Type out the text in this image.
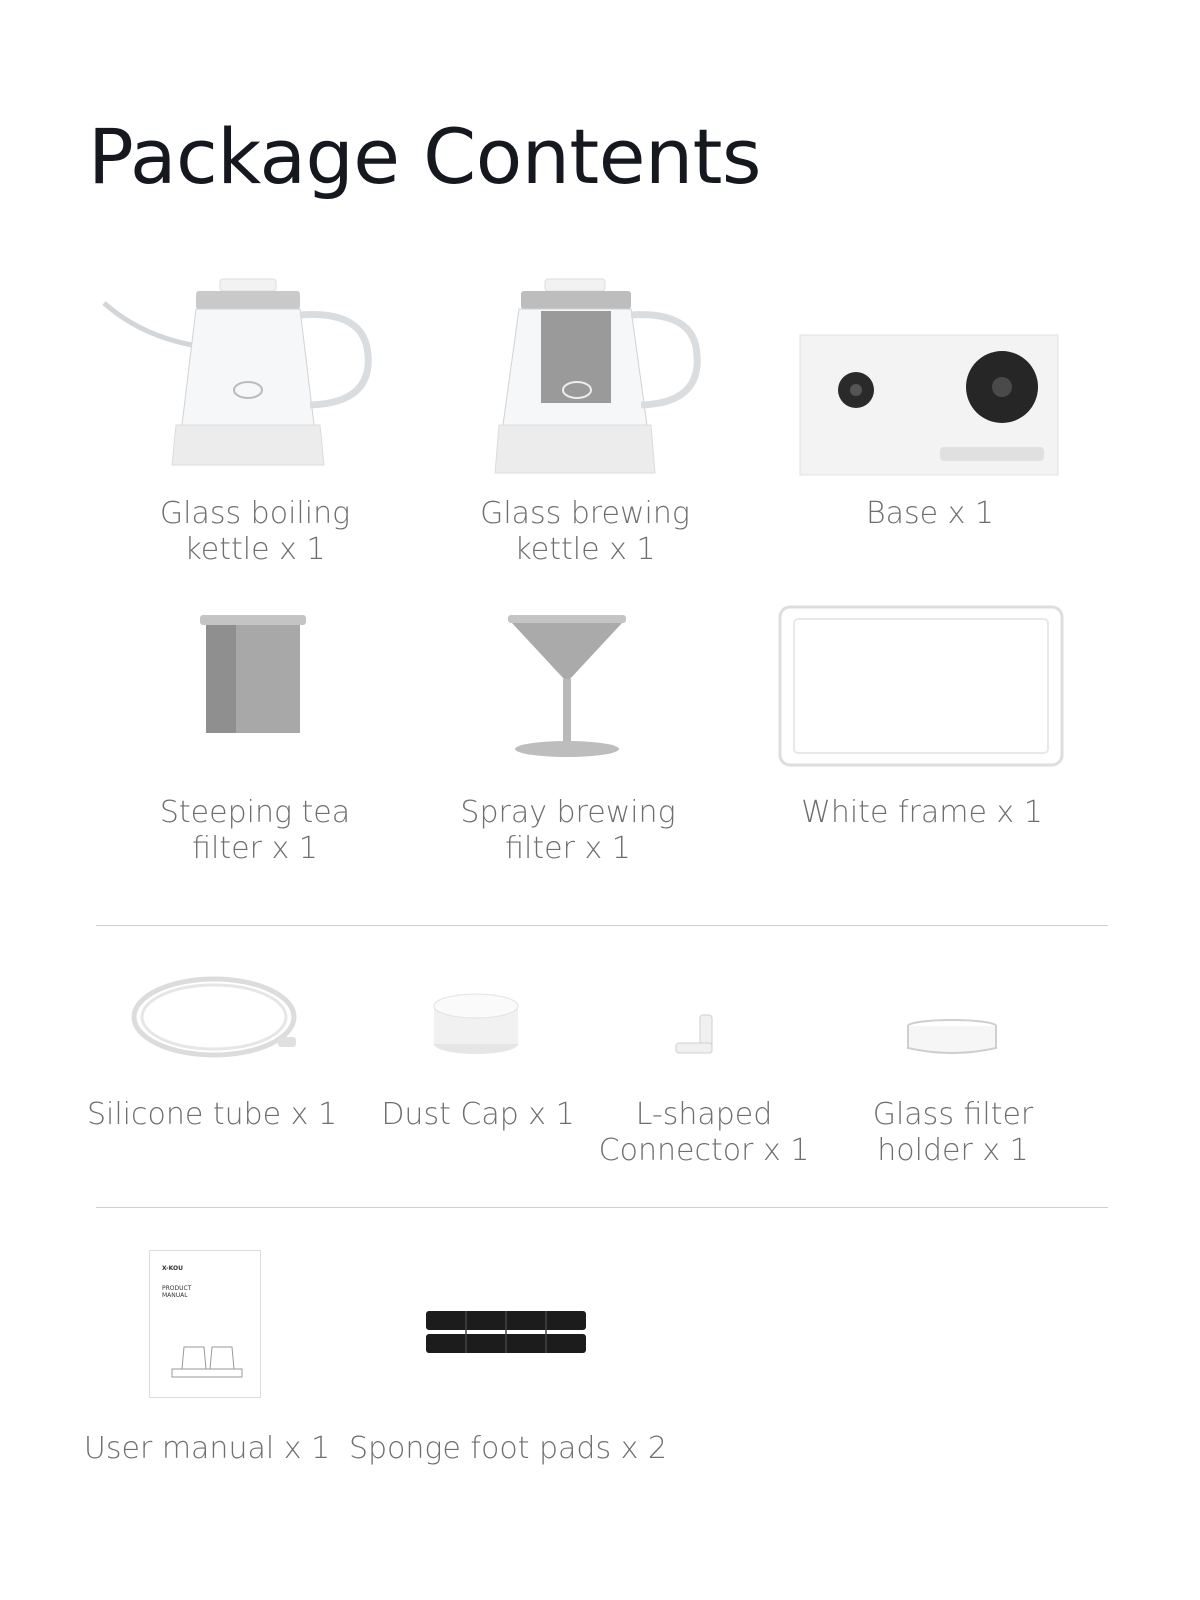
Package Contents
Glass boiling
kettle x 1
Glass brewing
kettle x 1
Base x 1
Steeping tea
filter x 1
Spray brewing
filter x 1
White frame x 1
Silicone tube x 1	Dust Cap x 1	L-shaped
Connector x 1
Glass filter
holder x 1
X-KOU
PRODUCT
MANUAL
User manual x 1 Sponge foot pads x 2
